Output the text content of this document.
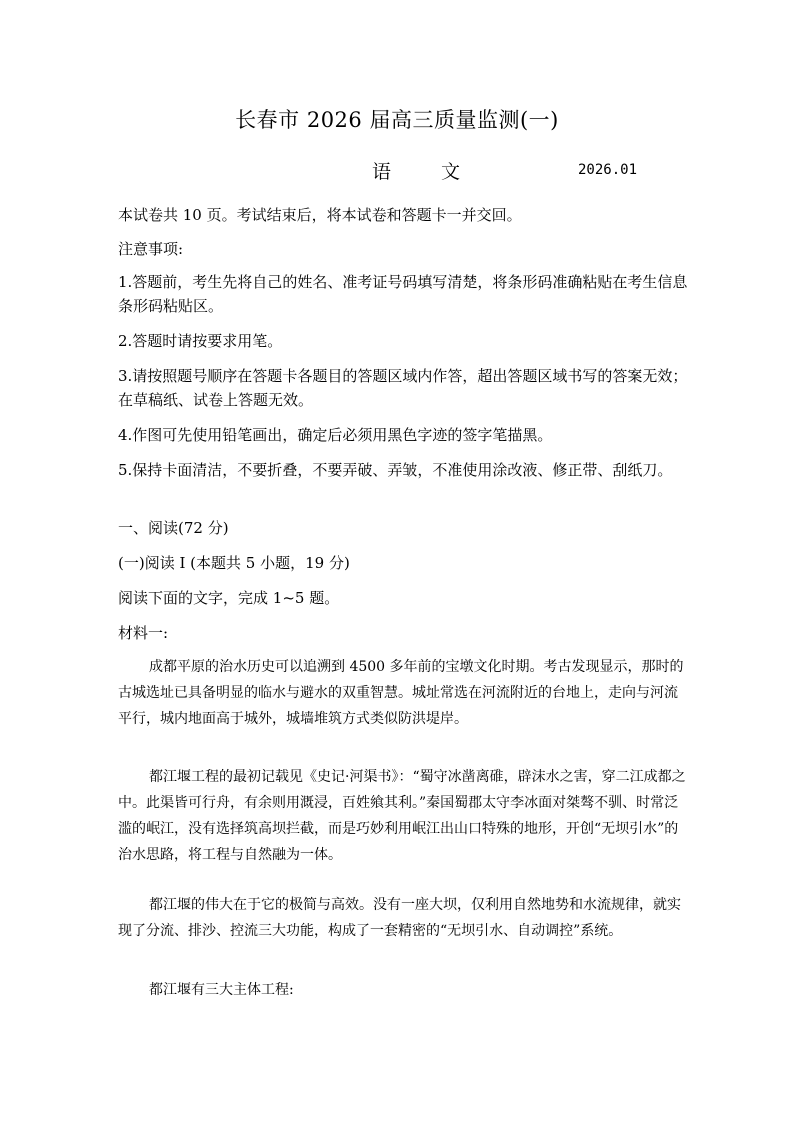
长春市 2026 届高三质量监测(一)
语 文	2026.01
本试卷共 10 页。考试结束后，将本试卷和答题卡一并交回。
注意事项:
1.答题前，考生先将自己的姓名、准考证号码填写清楚，将条形码准确粘贴在考生信息条形码粘贴区。
2.答题时请按要求用笔。
3.请按照题号顺序在答题卡各题目的答题区域内作答，超出答题区域书写的答案无效；在草稿纸、试卷上答题无效。
4.作图可先使用铅笔画出，确定后必须用黑色字迹的签字笔描黑。
5.保持卡面清洁，不要折叠，不要弄破、弄皱，不准使用涂改液、修正带、刮纸刀。
一、阅读(72 分)
(一)阅读 I (本题共 5 小题，19 分)
阅读下面的文字，完成 1~5 题。
材料一:
成都平原的治水历史可以追溯到 4500 多年前的宝墩文化时期。考古发现显示，那时的古城选址已具备明显的临水与避水的双重智慧。城址常选在河流附近的台地上，走向与河流平行，城内地面高于城外，城墙堆筑方式类似防洪堤岸。
都江堰工程的最初记载见《史记·河渠书》：“蜀守冰凿离碓，辟沫水之害，穿二江成都之中。此渠皆可行舟，有余则用溉浸，百姓飨其利。”秦国蜀郡太守李冰面对桀骜不驯、时常泛滥的岷江，没有选择筑高坝拦截，而是巧妙利用岷江出山口特殊的地形，开创“无坝引水”的治水思路，将工程与自然融为一体。
都江堰的伟大在于它的极简与高效。没有一座大坝，仅利用自然地势和水流规律，就实现了分流、排沙、控流三大功能，构成了一套精密的“无坝引水、自动调控”系统。
都江堰有三大主体工程:
